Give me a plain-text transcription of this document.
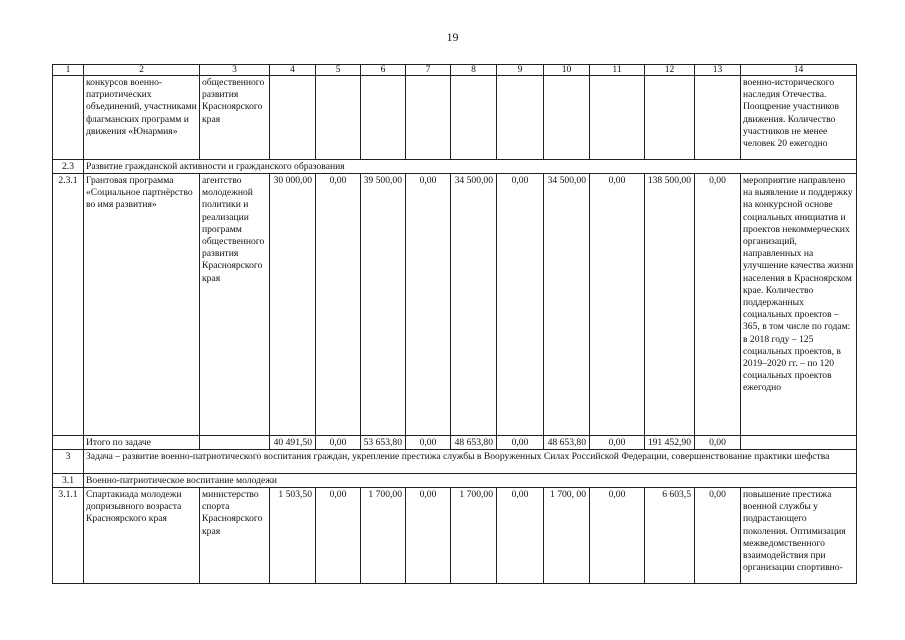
19
1	2	3	4	5	6	7	8	9	10	11	12	13	14
	конкурсов военно-патриотических объединений, участниками флагманских программ и движения «Юнармия»	общественного развития Красноярского края											военно-исторического наследия Отечества. Поощрение участников движения. Количество участников не менее человек 20 ежегодно
2.3	Развитие гражданской активности и гражданского образования												
2.3.1	Грантовая программа «Социальное партнёрство во имя развития»	агентство молодежной политики и реализации программ общественного развития Красноярского края	30 000,00	0,00	39 500,00	0,00	34 500,00	0,00	34 500,00	0,00	138 500,00	0,00	мероприятие направлено на выявление и поддержку на конкурсной основе социальных инициатив и проектов некоммерческих организаций, направленных на улучшение качества жизни населения в Красноярском крае. Количество поддержанных социальных проектов – 365, в том числе по годам: в 2018 году – 125 социальных проектов, в 2019–2020 гг. – по 120 социальных проектов ежегодно
	Итого по задаче		40 491,50	0,00	53 653,80	0,00	48 653,80	0,00	48 653,80	0,00	191 452,90	0,00	
3	Задача – развитие военно-патриотического воспитания граждан, укрепление престижа службы в Вооруженных Силах Российской Федерации, совершенствование практики шефства												
3.1	Военно-патриотическое воспитание молодежи												
3.1.1	Спартакиада молодежи допризывного возраста Красноярского края	министерство спорта Красноярского края	1 503,50	0,00	1 700,00	0,00	1 700,00	0,00	1 700, 00	0,00	6 603,5	0,00	повышение престижа военной службы у подрастающего поколения. Оптимизация межведомственного взаимодействия при организации спортивно-
